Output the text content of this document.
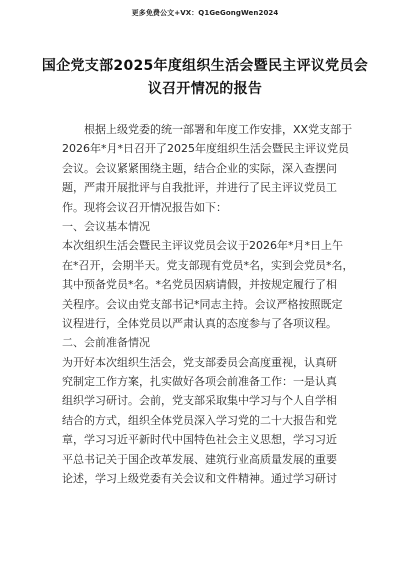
更多免费公文+VX：Q1GeGongWen2024
国企党支部2025年度组织生活会暨民主评议党员会
议召开情况的报告
根据上级党委的统一部署和年度工作安排，XX党支部于
2026年*月*日召开了2025年度组织生活会暨民主评议党员
会议。会议紧紧围绕主题，结合企业的实际，深入查摆问
题，严肃开展批评与自我批评，并进行了民主评议党员工
作。现将会议召开情况报告如下：
一、会议基本情况
本次组织生活会暨民主评议党员会议于2026年*月*日上午
在*召开，会期半天。党支部现有党员*名，实到会党员*名，
其中预备党员*名。*名党员因病请假，并按规定履行了相
关程序。会议由党支部书记*同志主持。会议严格按照既定
议程进行，全体党员以严肃认真的态度参与了各项议程。
二、会前准备情况
为开好本次组织生活会，党支部委员会高度重视，认真研
究制定工作方案，扎实做好各项会前准备工作：一是认真
组织学习研讨。会前，党支部采取集中学习与个人自学相
结合的方式，组织全体党员深入学习党的二十大报告和党
章，学习习近平新时代中国特色社会主义思想，学习习近
平总书记关于国企改革发展、建筑行业高质量发展的重要
论述，学习上级党委有关会议和文件精神。通过学习研讨
